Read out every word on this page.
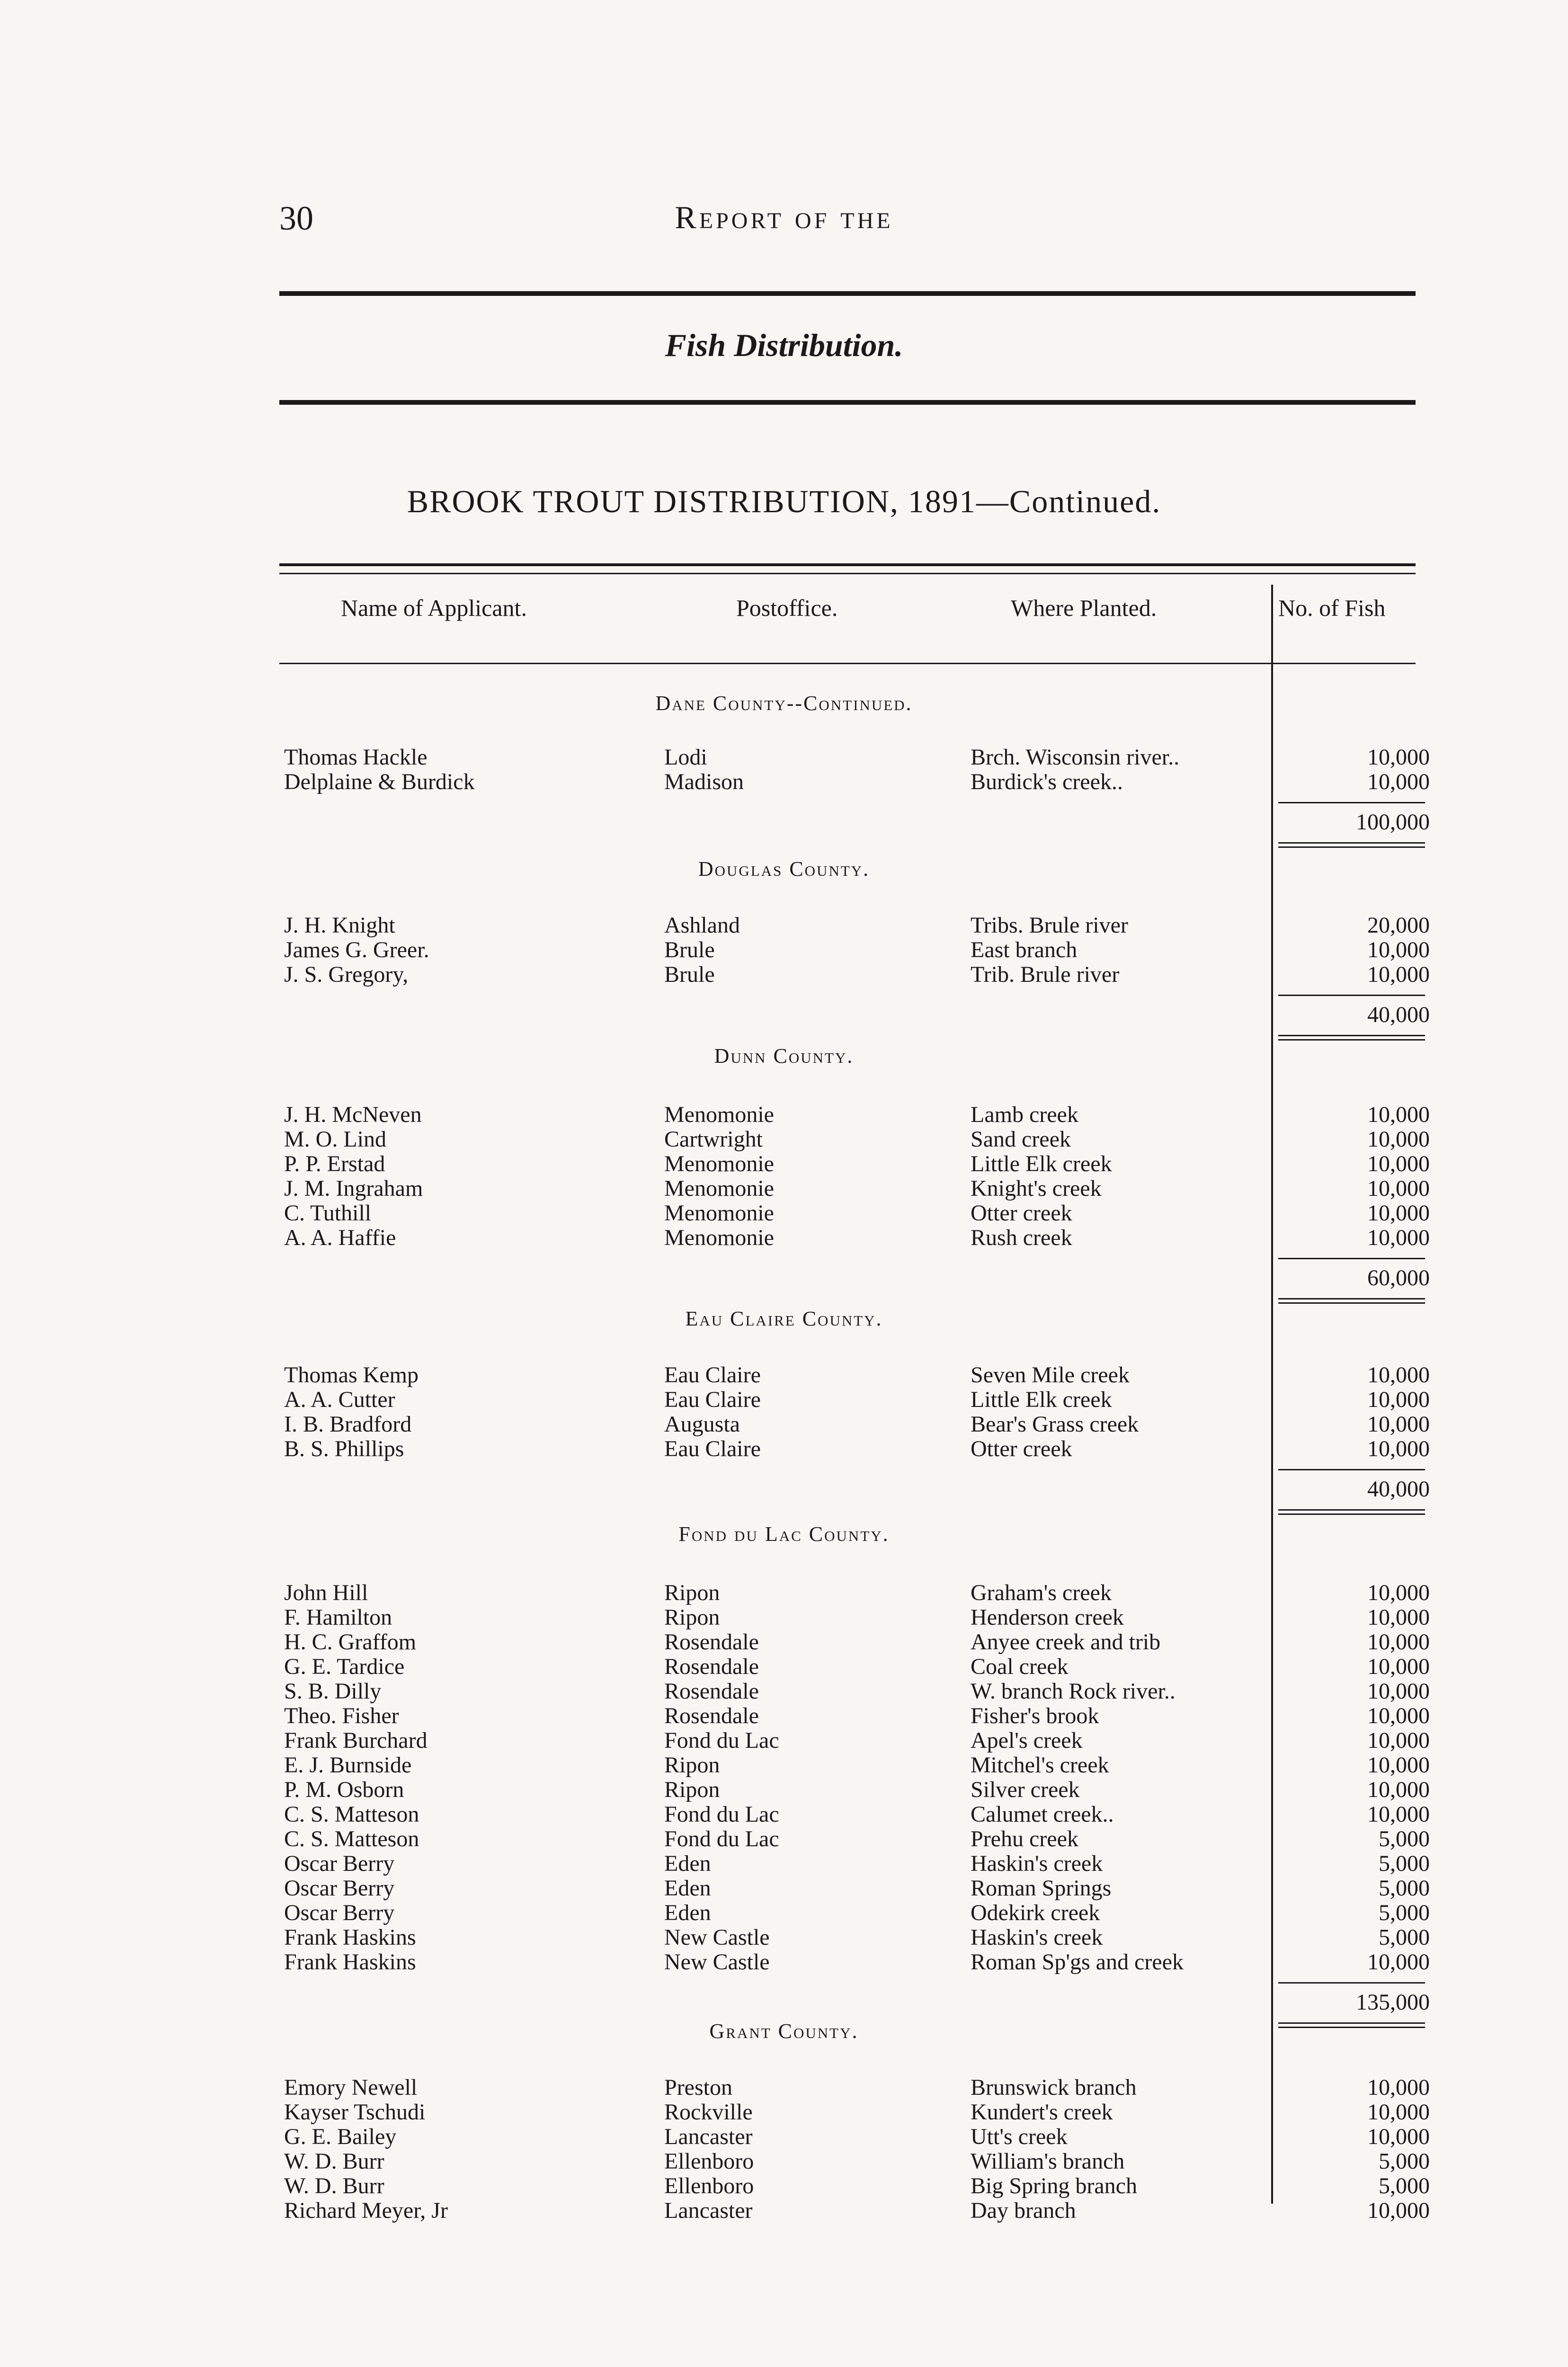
30	Report of the
Fish Distribution.
BROOK TROUT DISTRIBUTION, 1891—Continued.
Name of Applicant.	Postoffice.	Where Planted.	No. of Fish
Dane County--Continued.
Thomas Hackle	Lodi	Brch. Wisconsin river..	10,000
Delplaine & Burdick	Madison	Burdick's creek..	10,000
100,000
Douglas County.
J. H. Knight	Ashland	Tribs. Brule river	20,000
James G. Greer.	Brule	East branch	10,000
J. S. Gregory,	Brule	Trib. Brule river	10,000
40,000
Dunn County.
J. H. McNeven	Menomonie	Lamb creek	10,000
M. O. Lind	Cartwright	Sand creek	10,000
P. P. Erstad	Menomonie	Little Elk creek	10,000
J. M. Ingraham	Menomonie	Knight's creek	10,000
C. Tuthill	Menomonie	Otter creek	10,000
A. A. Haffie	Menomonie	Rush creek	10,000
60,000
Eau Claire County.
Thomas Kemp	Eau Claire	Seven Mile creek	10,000
A. A. Cutter	Eau Claire	Little Elk creek	10,000
I. B. Bradford	Augusta	Bear's Grass creek	10,000
B. S. Phillips	Eau Claire	Otter creek	10,000
40,000
Fond du Lac County.
John Hill	Ripon	Graham's creek	10,000
F. Hamilton	Ripon	Henderson creek	10,000
H. C. Graffom	Rosendale	Anyee creek and trib	10,000
G. E. Tardice	Rosendale	Coal creek	10,000
S. B. Dilly	Rosendale	W. branch Rock river..	10,000
Theo. Fisher	Rosendale	Fisher's brook	10,000
Frank Burchard	Fond du Lac	Apel's creek	10,000
E. J. Burnside	Ripon	Mitchel's creek	10,000
P. M. Osborn	Ripon	Silver creek	10,000
C. S. Matteson	Fond du Lac	Calumet creek..	10,000
C. S. Matteson	Fond du Lac	Prehu creek	5,000
Oscar Berry	Eden	Haskin's creek	5,000
Oscar Berry	Eden	Roman Springs	5,000
Oscar Berry	Eden	Odekirk creek	5,000
Frank Haskins	New Castle	Haskin's creek	5,000
Frank Haskins	New Castle	Roman Sp'gs and creek	10,000
135,000
Grant County.
Emory Newell	Preston	Brunswick branch	10,000
Kayser Tschudi	Rockville	Kundert's creek	10,000
G. E. Bailey	Lancaster	Utt's creek	10,000
W. D. Burr	Ellenboro	William's branch	5,000
W. D. Burr	Ellenboro	Big Spring branch	5,000
Richard Meyer, Jr	Lancaster	Day branch	10,000
